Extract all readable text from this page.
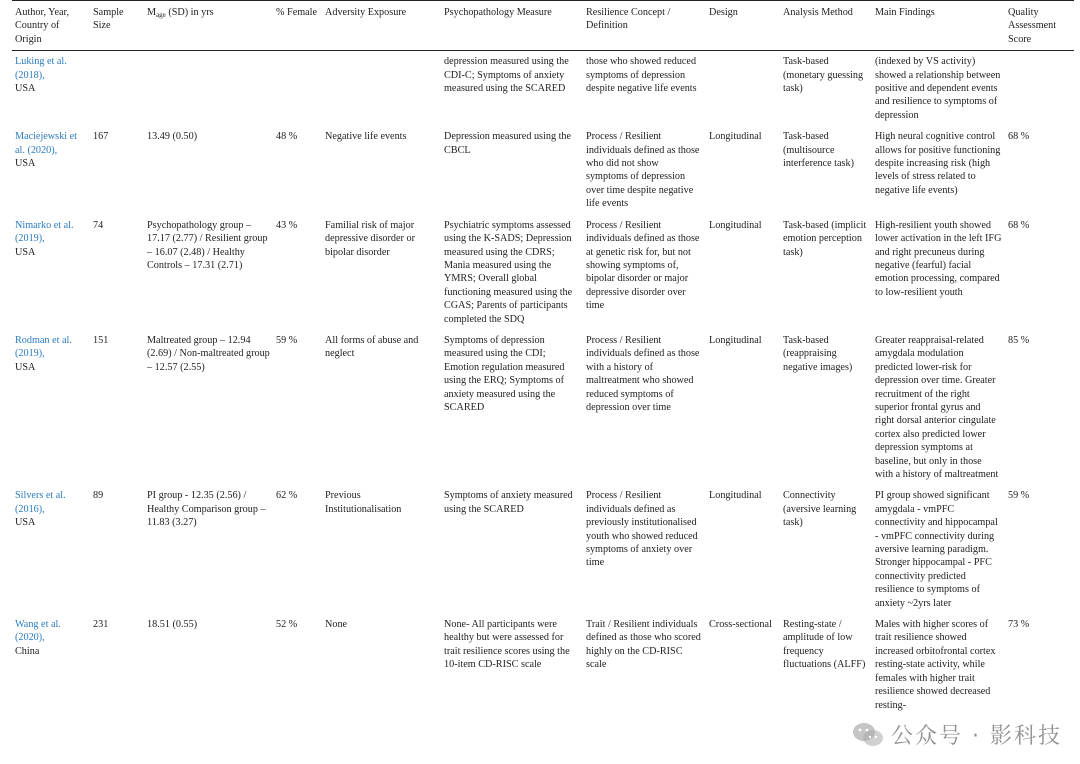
Author, Year, Country of Origin	Sample Size	$M_{age}$ (SD) in yrs	% Female	Adversity Exposure	Psychopathology Measure	Resilience Concept / Definition	Design	Analysis Method	Main Findings	Quality Assessment Score

Luking et al. (2018),
USA					depression measured using the CDI-C; Symptoms of anxiety measured using the SCARED	those who showed reduced symptoms of depression despite negative life events		Task-based (monetary guessing task)	(indexed by VS activity) showed a relationship between positive and dependent events and resilience to symptoms of depression	

Maciejewski et al. (2020),
USA	167	13.49 (0.50)	48 %	Negative life events	Depression measured using the CBCL	Process / Resilient individuals defined as those who did not show symptoms of depression over time despite negative life events	Longitudinal	Task-based (multisource interference task)	High neural cognitive control allows for positive functioning despite increasing risk (high levels of stress related to negative life events)	68 %

Nimarko et al. (2019),
USA	74	Psychopathology group – 17.17 (2.77) / Resilient group – 16.07 (2.48) / Healthy Controls – 17.31 (2.71)	43 %	Familial risk of major depressive disorder or bipolar disorder	Psychiatric symptoms assessed using the K-SADS; Depression measured using the CDRS; Mania measured using the YMRS; Overall global functioning measured using the CGAS; Parents of participants completed the SDQ	Process / Resilient individuals defined as those at genetic risk for, but not showing symptoms of, bipolar disorder or major depressive disorder over time	Longitudinal	Task-based (implicit emotion perception task)	High-resilient youth showed lower activation in the left IFG and right precuneus during negative (fearful) facial emotion processing, compared to low-resilient youth	68 %

Rodman et al. (2019),
USA	151	Maltreated group – 12.94 (2.69) / Non-maltreated group – 12.57 (2.55)	59 %	All forms of abuse and neglect	Symptoms of depression measured using the CDI; Emotion regulation measured using the ERQ; Symptoms of anxiety measured using the SCARED	Process / Resilient individuals defined as those with a history of maltreatment who showed reduced symptoms of depression over time	Longitudinal	Task-based (reappraising negative images)	Greater reappraisal-related amygdala modulation predicted lower-risk for depression over time. Greater recruitment of the right superior frontal gyrus and right dorsal anterior cingulate cortex also predicted lower depression symptoms at baseline, but only in those with a history of maltreatment	85 %

Silvers et al. (2016),
USA	89	PI group - 12.35 (2.56) / Healthy Comparison group – 11.83 (3.27)	62 %	Previous Institutionalisation	Symptoms of anxiety measured using the SCARED	Process / Resilient individuals defined as previously institutionalised youth who showed reduced symptoms of anxiety over time	Longitudinal	Connectivity (aversive learning task)	PI group showed significant amygdala - vmPFC connectivity and hippocampal - vmPFC connectivity during aversive learning paradigm. Stronger hippocampal - PFC connectivity predicted resilience to symptoms of anxiety ~2yrs later	59 %

Wang et al. (2020),
China	231	18.51 (0.55)	52 %	None	None- All participants were healthy but were assessed for trait resilience scores using the 10-item CD-RISC scale	Trait / Resilient individuals defined as those who scored highly on the CD-RISC scale	Cross-sectional	Resting-state / amplitude of low frequency fluctuations (ALFF)	Males with higher scores of trait resilience showed increased orbitofrontal cortex resting-state activity, while females with higher trait resilience showed decreased resting-	73 %
公众号 · 影科技
